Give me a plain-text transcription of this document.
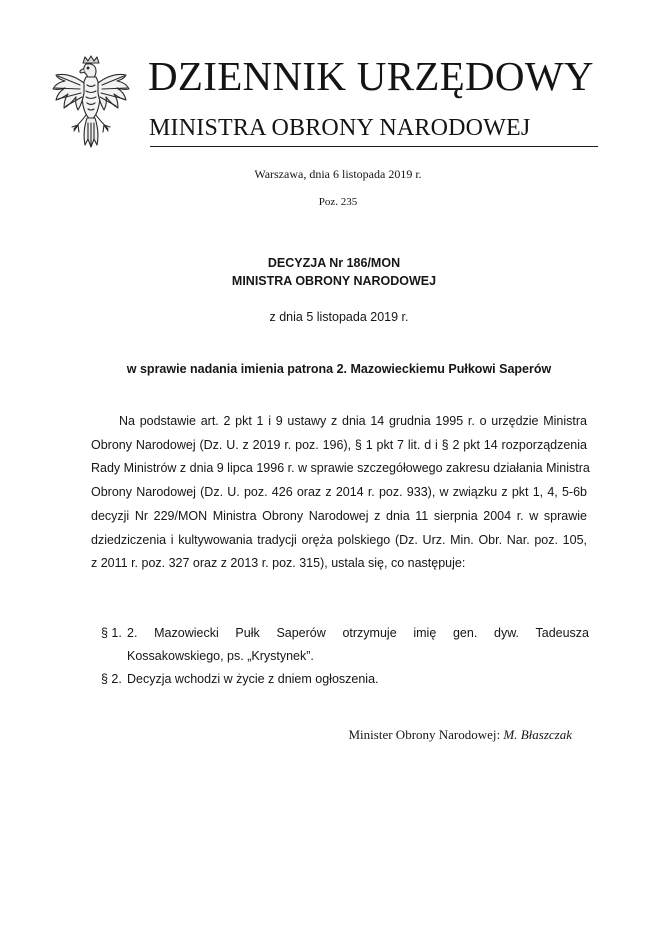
DZIENNIK URZĘDOWY
MINISTRA OBRONY NARODOWEJ
Warszawa, dnia 6 listopada 2019 r.
Poz. 235
DECYZJA Nr 186/MON
MINISTRA OBRONY NARODOWEJ
z dnia 5 listopada 2019 r.
w sprawie nadania imienia patrona 2. Mazowieckiemu Pułkowi Saperów
Na podstawie art. 2 pkt 1 i 9 ustawy z dnia 14 grudnia 1995 r. o urzędzie Ministra
Obrony Narodowej (Dz. U. z 2019 r. poz. 196), § 1 pkt 7 lit. d i § 2 pkt 14 rozporządzenia
Rady Ministrów z dnia 9 lipca 1996 r. w sprawie szczegółowego zakresu działania Ministra
Obrony Narodowej (Dz. U. poz. 426 oraz z 2014 r. poz. 933), w związku z pkt 1, 4, 5-6b
decyzji Nr 229/MON Ministra Obrony Narodowej z dnia 11 sierpnia 2004 r. w sprawie
dziedziczenia i kultywowania tradycji oręża polskiego (Dz. Urz. Min. Obr. Nar. poz. 105,
z 2011 r. poz. 327 oraz z 2013 r. poz. 315), ustala się, co następuje:
§ 1. 2. Mazowiecki Pułk Saperów otrzymuje imię gen. dyw. Tadeusza
Kossakowskiego, ps. „Krystynek”.
§ 2. Decyzja wchodzi w życie z dniem ogłoszenia.
Minister Obrony Narodowej: M. Błaszczak
